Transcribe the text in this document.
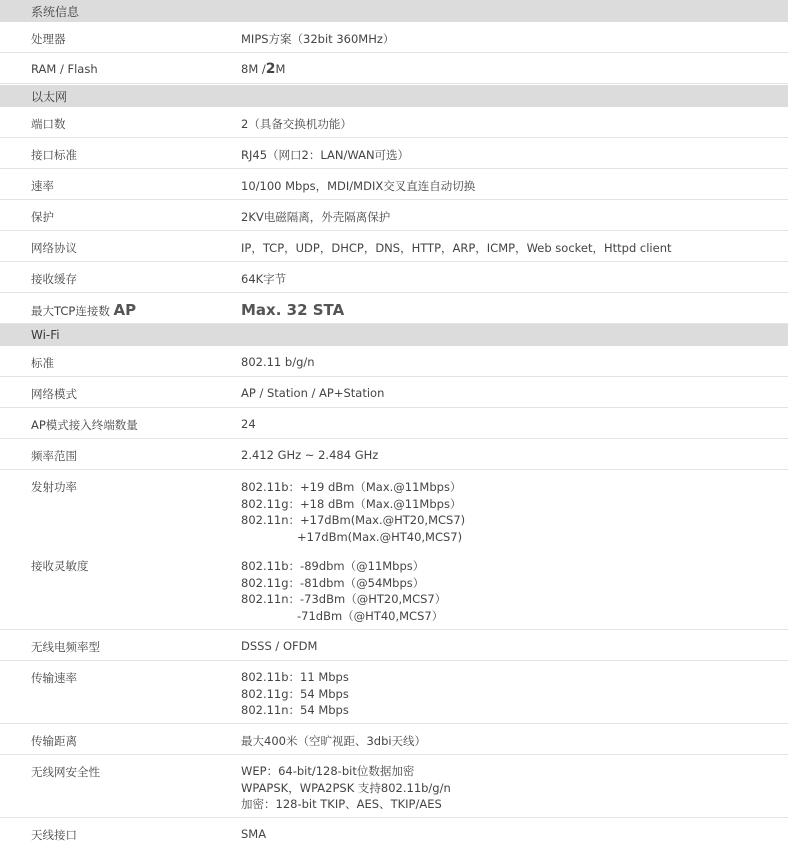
系统信息
处理器	MIPS方案（32bit 360MHz）
RAM / Flash	8M /2M
以太网
端口数	2（具备交换机功能）
接口标准	RJ45（网口2：LAN/WAN可选）
速率	10/100 Mbps，MDI/MDIX交叉直连自动切换
保护	2KV电磁隔离，外壳隔离保护
网络协议	IP，TCP，UDP，DHCP，DNS，HTTP，ARP，ICMP，Web socket，Httpd client
接收缓存	64K字节
最大TCP连接数 AP	Max. 32 STA
Wi-Fi
标准	802.11 b/g/n
网络模式	AP / Station / AP+Station
AP模式接入终端数量	24
频率范围	2.412 GHz ~ 2.484 GHz
发射功率	802.11b：+19 dBm（Max.@11Mbps）
802.11g：+18 dBm（Max.@11Mbps）
802.11n：+17dBm(Max.@HT20,MCS7)
+17dBm(Max.@HT40,MCS7)
接收灵敏度	802.11b：-89dbm（@11Mbps）
802.11g：-81dbm（@54Mbps）
802.11n：-73dBm（@HT20,MCS7）
-71dBm（@HT40,MCS7）
无线电频率型	DSSS / OFDM
传输速率	802.11b：11 Mbps
802.11g：54 Mbps
802.11n：54 Mbps
传输距离	最大400米（空旷视距、3dbi天线）
无线网安全性	WEP：64-bit/128-bit位数据加密
WPAPSK，WPA2PSK 支持802.11b/g/n
加密：128-bit TKIP、AES、TKIP/AES
天线接口	SMA
